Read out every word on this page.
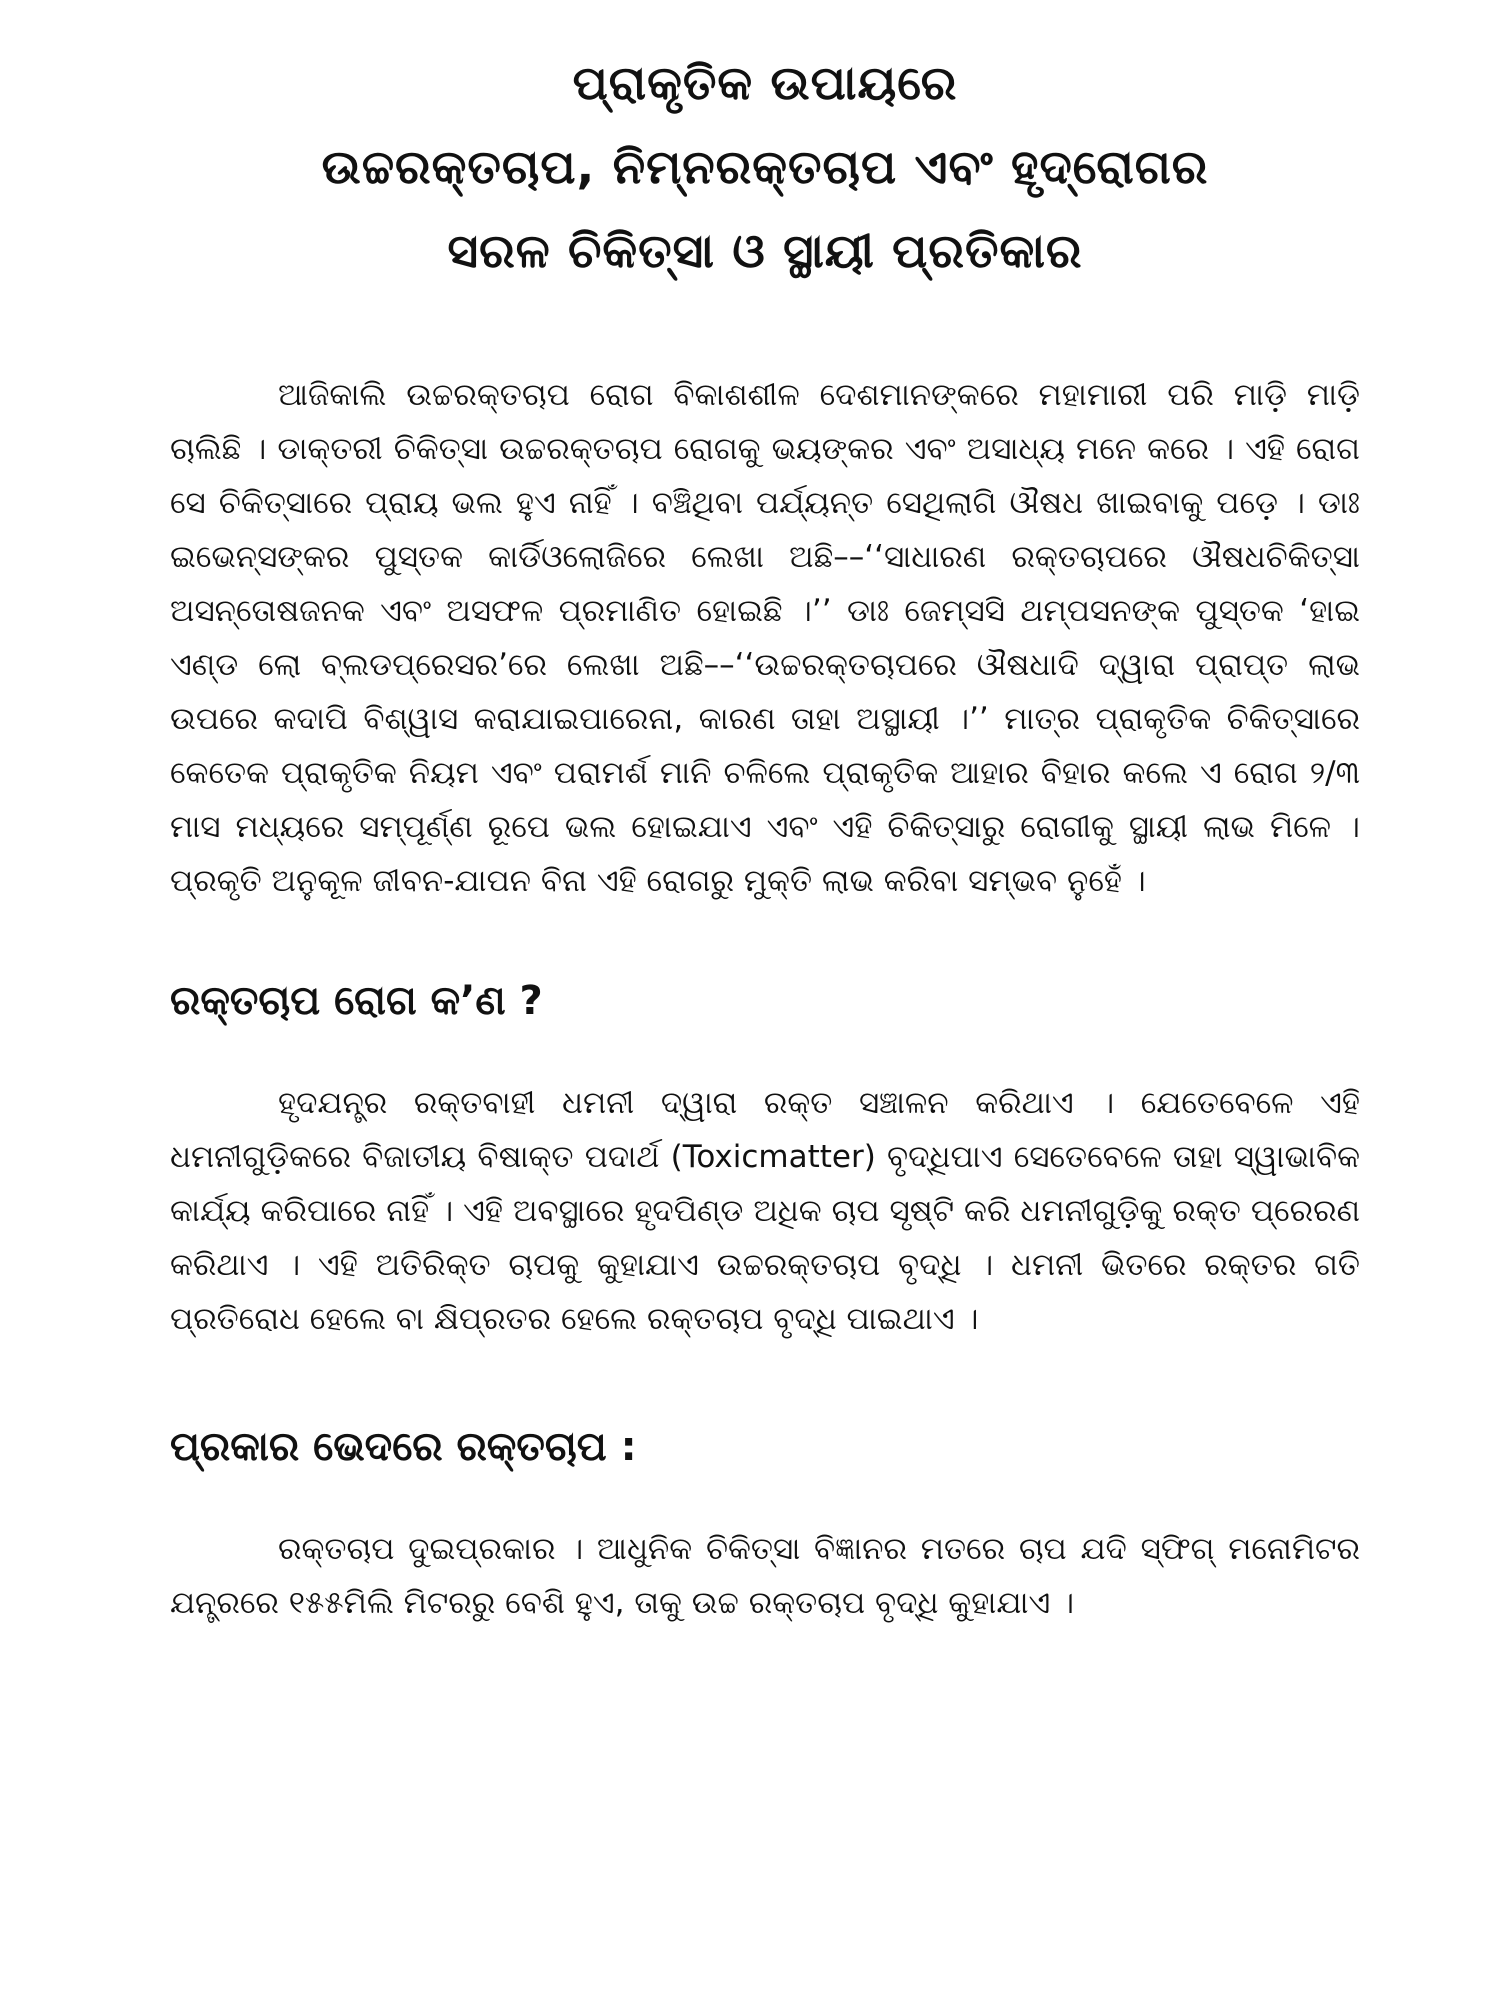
ପ୍ରାକୃତିକ ଉପାୟରେ
ଉଚ୍ଚରକ୍ତଚାପ, ନିମ୍ନରକ୍ତଚାପ ଏବଂ ହୃଦ୍‌ରୋଗର
ସରଳ ଚିକିତ୍ସା ଓ ସ୍ଥାୟୀ ପ୍ରତିକାର

ଆଜିକାଲି ଉଚ୍ଚରକ୍ତଚାପ ରୋଗ ବିକାଶଶୀଳ ଦେଶମାନଙ୍କରେ ମହାମାରୀ ପରି ମାଡ଼ି ମାଡ଼ି ଚାଲିଛି । ଡାକ୍ତରୀ ଚିକିତ୍ସା ଉଚ୍ଚରକ୍ତଚାପ ରୋଗକୁ ଭୟଙ୍କର ଏବଂ ଅସାଧ୍ୟ ମନେ କରେ । ଏହି ରୋଗ ସେ ଚିକିତ୍ସାରେ ପ୍ରାୟ ଭଲ ହୁଏ ନାହିଁ । ବଞ୍ଚିଥିବା ପର୍ଯ୍ୟନ୍ତ ସେଥିଲାଗି ଔଷଧ ଖାଇବାକୁ ପଡ଼େ । ଡାଃ ଇଭେନ୍ସଙ୍କର ପୁସ୍ତକ କାର୍ଡିଓଲୋଜିରେ ଲେଖା ଅଛି––‘‘ସାଧାରଣ ରକ୍ତଚାପରେ ଔଷଧଚିକିତ୍ସା ଅସନ୍ତୋଷଜନକ ଏବଂ ଅସଫଳ ପ୍ରମାଣିତ ହୋଇଛି ।’’ ଡାଃ ଜେମ୍ସସି ଥମ୍ପସନଙ୍କ ପୁସ୍ତକ ‘ହାଇ ଏଣ୍ଡ ଲୋ ବ୍ଲଡପ୍ରେସର’ରେ ଲେଖା ଅଛି––‘‘ଉଚ୍ଚରକ୍ତଚାପରେ ଔଷଧାଦି ଦ୍ୱାରା ପ୍ରାପ୍ତ ଲାଭ ଉପରେ କଦାପି ବିଶ୍ୱାସ କରାଯାଇପାରେନା, କାରଣ ତାହା ଅସ୍ଥାୟୀ ।’’ ମାତ୍ର ପ୍ରାକୃତିକ ଚିକିତ୍ସାରେ କେତେକ ପ୍ରାକୃତିକ ନିୟମ ଏବଂ ପରାମର୍ଶ ମାନି ଚଳିଲେ ପ୍ରାକୃତିକ ଆହାର ବିହାର କଲେ ଏ ରୋଗ ୨/୩ ମାସ ମଧ୍ୟରେ ସମ୍ପୂର୍ଣ୍ଣ ରୂପେ ଭଲ ହୋଇଯାଏ ଏବଂ ଏହି ଚିକିତ୍ସାରୁ ରୋଗୀକୁ ସ୍ଥାୟୀ ଲାଭ ମିଳେ । ପ୍ରକୃତି ଅନୁକୂଳ ଜୀବନ-ଯାପନ ବିନା ଏହି ରୋଗରୁ ମୁକ୍ତି ଲାଭ କରିବା ସମ୍ଭବ ନୁହେଁ ।

ରକ୍ତଚାପ ରୋଗ କ’ଣ ?

ହୃଦଯନ୍ତ୍ର ରକ୍ତବାହୀ ଧମନୀ ଦ୍ୱାରା ରକ୍ତ ସଞ୍ଚାଳନ କରିଥାଏ । ଯେତେବେଳେ ଏହି ଧମନୀଗୁଡ଼ିକରେ ବିଜାତୀୟ ବିଷାକ୍ତ ପଦାର୍ଥ (Toxicmatter) ବୃଦ୍ଧିପାଏ ସେତେବେଳେ ତାହା ସ୍ୱାଭାବିକ କାର୍ଯ୍ୟ କରିପାରେ ନାହିଁ । ଏହି ଅବସ୍ଥାରେ ହୃଦପିଣ୍ଡ ଅଧିକ ଚାପ ସୃଷ୍ଟି କରି ଧମନୀଗୁଡ଼ିକୁ ରକ୍ତ ପ୍ରେରଣ କରିଥାଏ । ଏହି ଅତିରିକ୍ତ ଚାପକୁ କୁହାଯାଏ ଉଚ୍ଚରକ୍ତଚାପ ବୃଦ୍ଧି । ଧମନୀ ଭିତରେ ରକ୍ତର ଗତି ପ୍ରତିରୋଧ ହେଲେ ବା କ୍ଷିପ୍ରତର ହେଲେ ରକ୍ତଚାପ ବୃଦ୍ଧି ପାଇଥାଏ ।

ପ୍ରକାର ଭେଦରେ ରକ୍ତଚାପ :

ରକ୍ତଚାପ ଦୁଇପ୍ରକାର । ଆଧୁନିକ ଚିକିତ୍ସା ବିଜ୍ଞାନର ମତରେ ଚାପ ଯଦି ସ୍ଫିଗ୍ ମନୋମିଟର ଯନ୍ତ୍ରରେ ୧୫୫ମିଲି ମିଟରରୁ ବେଶି ହୁଏ, ତାକୁ ଉଚ୍ଚ ରକ୍ତଚାପ ବୃଦ୍ଧି କୁହାଯାଏ ।
